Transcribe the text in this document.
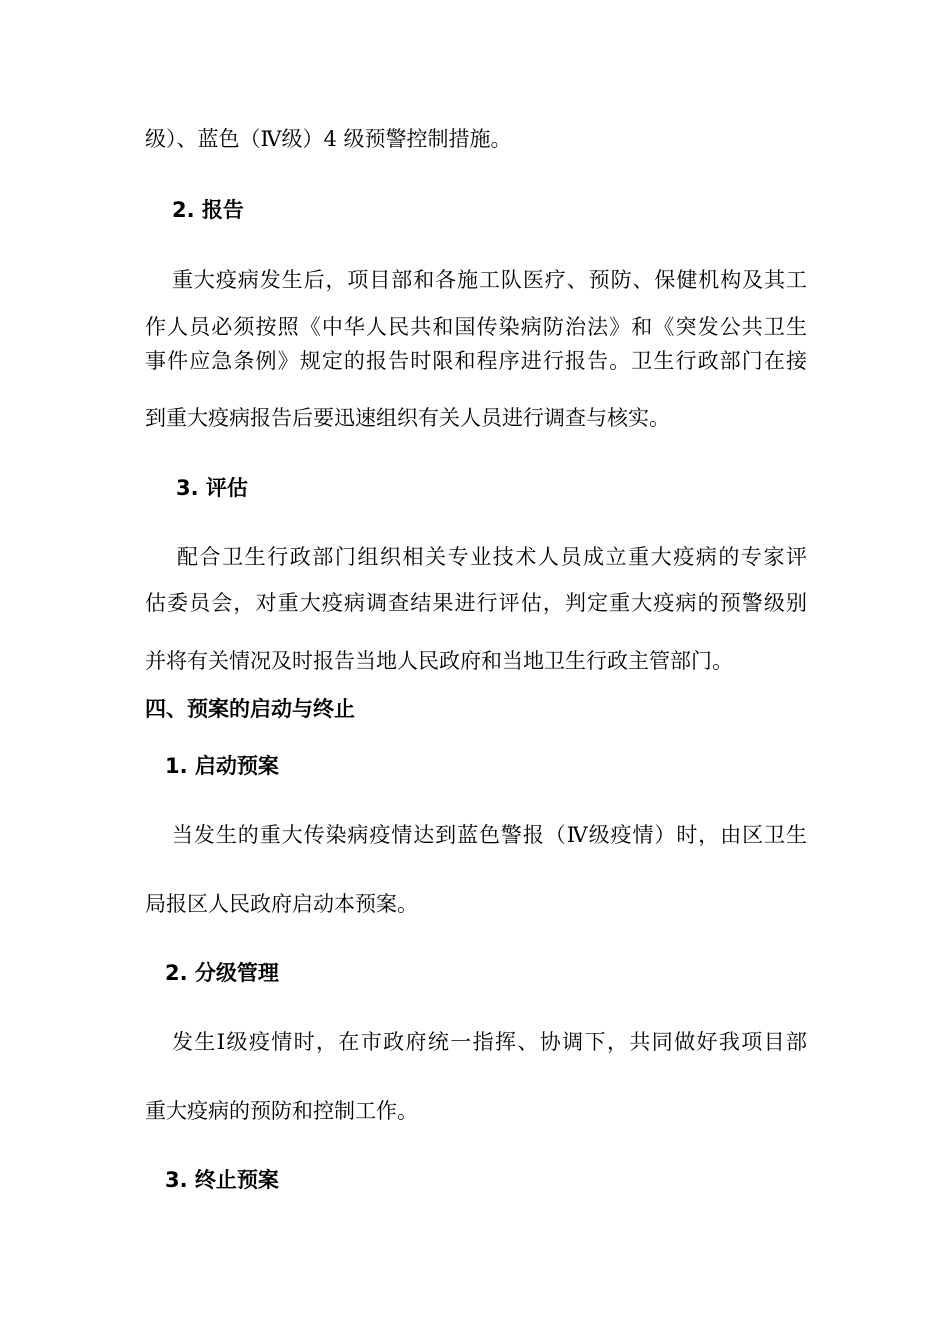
级）、蓝色（Ⅳ级）4 级预警控制措施。
2. 报告
重大疫病发生后，项目部和各施工队医疗、预防、保健机构及其工
作人员必须按照《中华人民共和国传染病防治法》和《突发公共卫生
事件应急条例》规定的报告时限和程序进行报告。卫生行政部门在接
到重大疫病报告后要迅速组织有关人员进行调查与核实。
3. 评估
配合卫生行政部门组织相关专业技术人员成立重大疫病的专家评
估委员会，对重大疫病调查结果进行评估，判定重大疫病的预警级别
并将有关情况及时报告当地人民政府和当地卫生行政主管部门。
四、预案的启动与终止
1. 启动预案
当发生的重大传染病疫情达到蓝色警报（Ⅳ级疫情）时，由区卫生
局报区人民政府启动本预案。
2. 分级管理
发生Ⅰ级疫情时，在市政府统一指挥、协调下，共同做好我项目部
重大疫病的预防和控制工作。
3. 终止预案
